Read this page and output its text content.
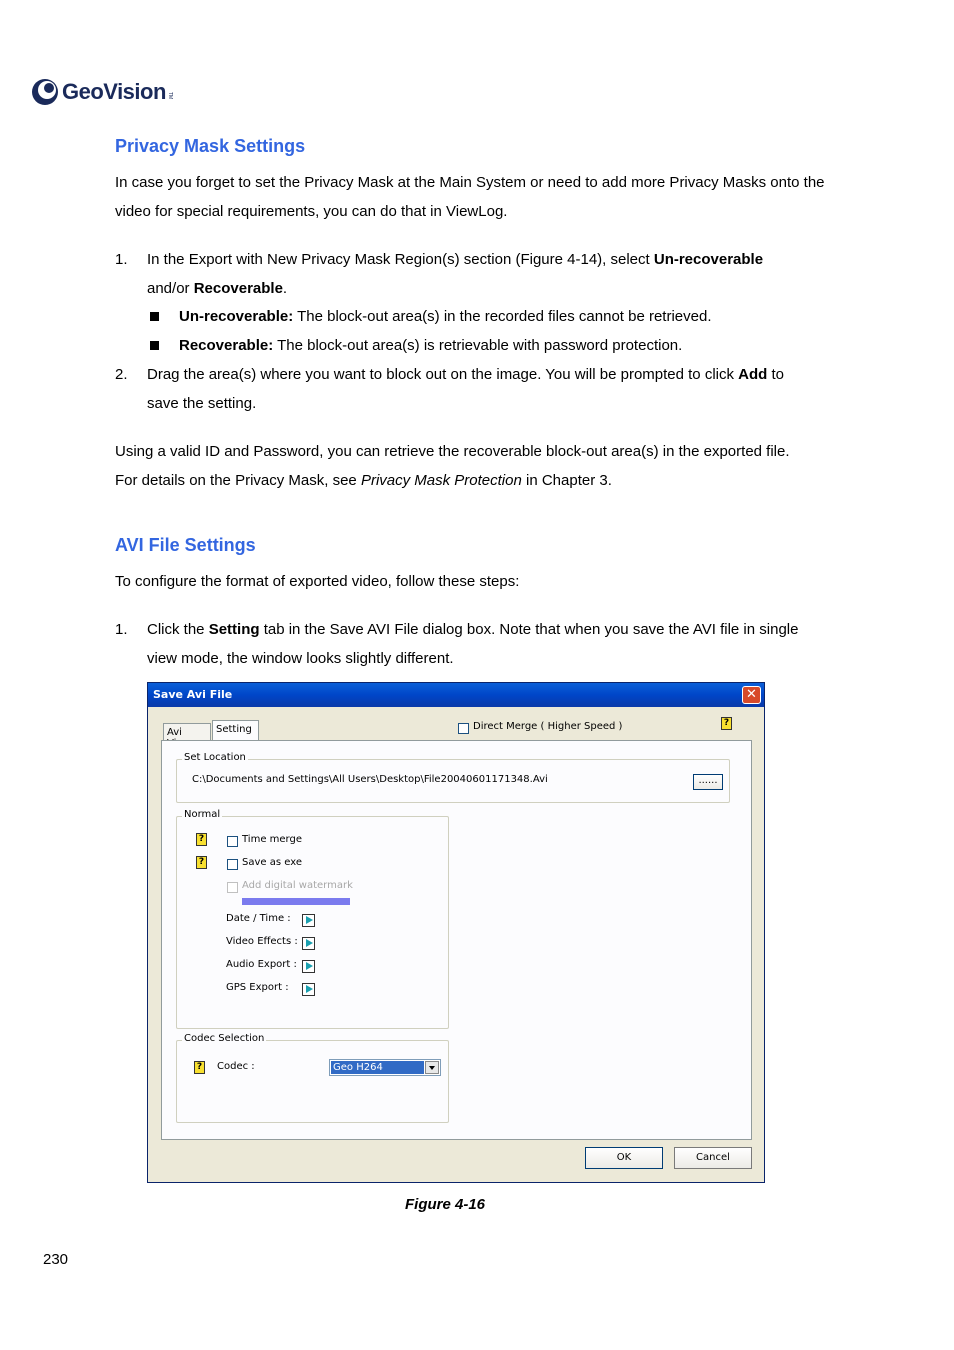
GeoVision TM
Privacy Mask Settings
In case you forget to set the Privacy Mask at the Main System or need to add more Privacy Masks onto the video for special requirements, you can do that in ViewLog.
1. In the Export with New Privacy Mask Region(s) section (Figure 4-14), select Un-recoverable
and/or Recoverable.
Un-recoverable: The block-out area(s) in the recorded files cannot be retrieved.
Recoverable: The block-out area(s) is retrievable with password protection.
2. Drag the area(s) where you want to block out on the image. You will be prompted to click Add to
save the setting.
Using a valid ID and Password, you can retrieve the recoverable block-out area(s) in the exported file.
For details on the Privacy Mask, see Privacy Mask Protection in Chapter 3.
AVI File Settings
To configure the format of exported video, follow these steps:
1. Click the Setting tab in the Save AVI File dialog box. Note that when you save the AVI file in single
view mode, the window looks slightly different.
Save Avi File	✕
Avi	Setting	Direct Merge ( Higher Speed )	?
Set Location
C:\Documents and Settings\All Users\Desktop\File20040601171348.Avi	......
Normal
?	Time merge
?	Save as exe
Add digital watermark
Date / Time :
Video Effects :
Audio Export :
GPS Export :
Codec Selection
? Codec :	Geo H264
OK	Cancel
Figure 4-16
230
